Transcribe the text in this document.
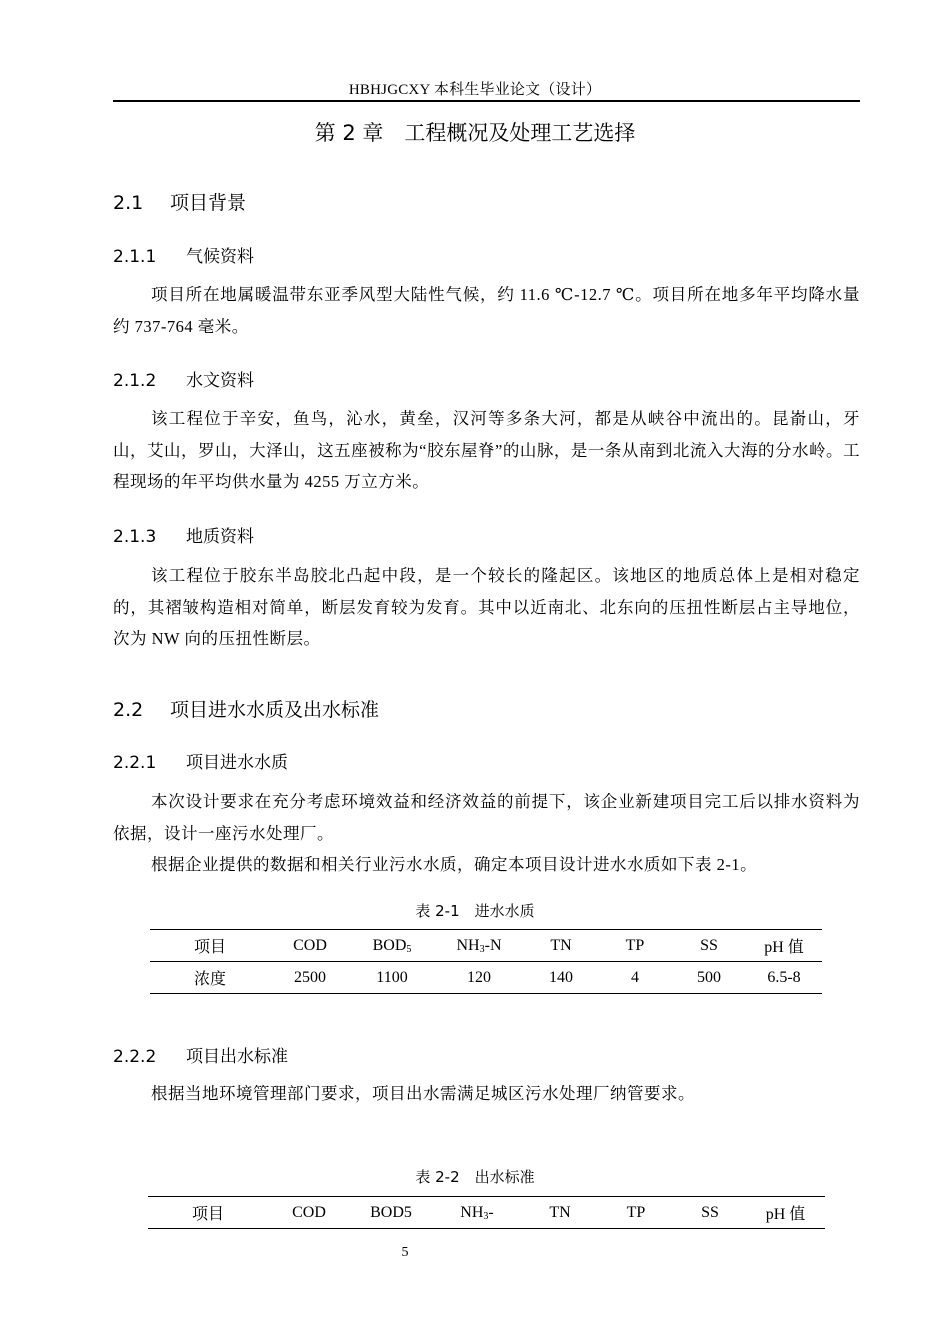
HBHJGCXY 本科生毕业论文（设计）
第 2 章　工程概况及处理工艺选择
2.1 项目背景
2.1.1 气候资料
项目所在地属暖温带东亚季风型大陆性气候，约 11.6 ℃-12.7 ℃。项目所在地多年平均降水量约 737-764 毫米。
2.1.2 水文资料
该工程位于辛安，鱼鸟，沁水，黄垒，汉河等多条大河，都是从峡谷中流出的。昆嵛山，牙山，艾山，罗山，大泽山，这五座被称为“胶东屋脊”的山脉，是一条从南到北流入大海的分水岭。工程现场的年平均供水量为 4255 万立方米。
2.1.3 地质资料
该工程位于胶东半岛胶北凸起中段，是一个较长的隆起区。该地区的地质总体上是相对稳定的，其褶皱构造相对简单，断层发育较为发育。其中以近南北、北东向的压扭性断层占主导地位，次为 NW 向的压扭性断层。
2.2 项目进水水质及出水标准
2.2.1 项目进水水质
本次设计要求在充分考虑环境效益和经济效益的前提下，该企业新建项目完工后以排水资料为依据，设计一座污水处理厂。
根据企业提供的数据和相关行业污水水质，确定本项目设计进水水质如下表 2-1。
表 2-1　进水水质
项目	COD	$BOD_5$	$NH_3-N$	TN	TP	SS	pH 值
浓度	2500	1100	120	140	4	500	6.5-8
2.2.2 项目出水标准
根据当地环境管理部门要求，项目出水需满足城区污水处理厂纳管要求。
表 2-2　出水标准
项目	COD	BOD5	$NH_3-$	TN	TP	SS	pH 值
5
